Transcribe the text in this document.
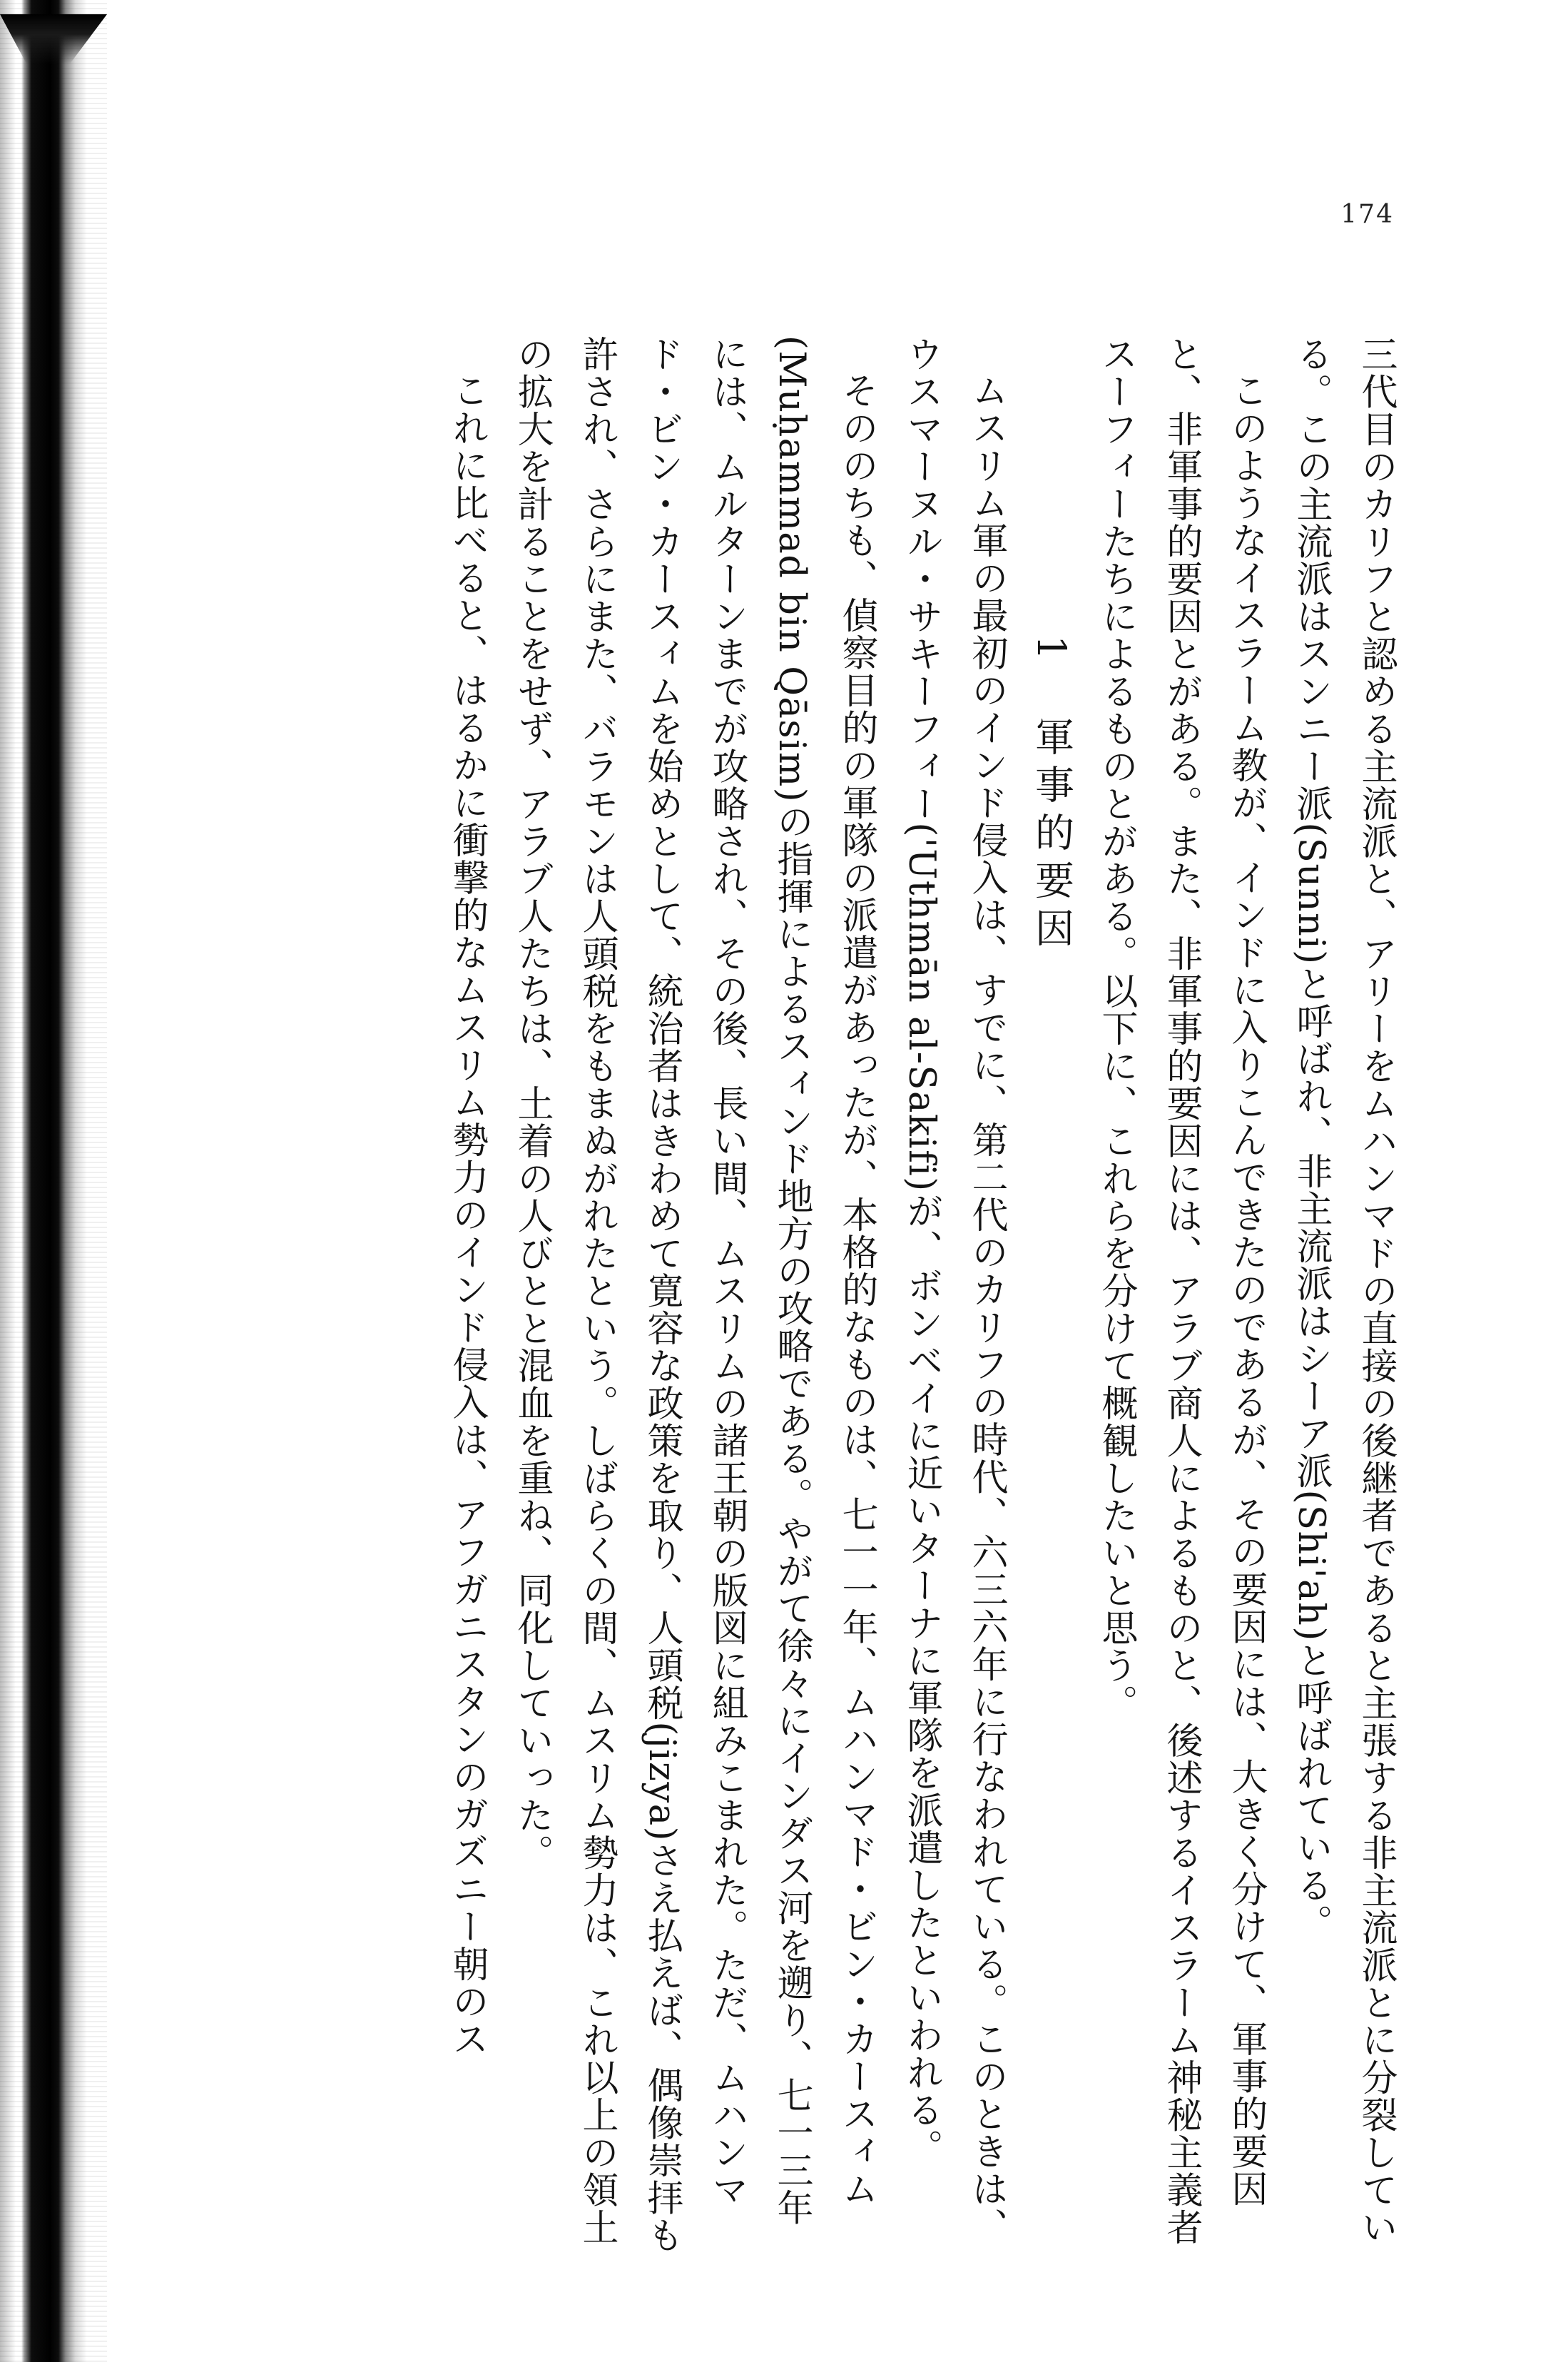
174

三代目のカリフと認める主流派と、アリーをムハンマドの直接の後継者であると主張する非主流派とに分裂している。この主流派はスンニー派(Sunni)と呼ばれ、非主流派はシーア派(Shi'ah)と呼ばれている。

このようなイスラーム教が、インドに入りこんできたのであるが、その要因には、大きく分けて、軍事的要因と、非軍事的要因とがある。また、非軍事的要因には、アラブ商人によるものと、後述するイスラーム神秘主義者スーフィーたちによるものとがある。以下に、これらを分けて概観したいと思う。

1　軍事的要因

ムスリム軍の最初のインド侵入は、すでに、第二代のカリフの時代、六三六年に行なわれている。このときは、ウスマーヌル・サキーフィー('Uthmān al-Sakifi)が、ボンベイに近いターナに軍隊を派遣したといわれる。

そののちも、偵察目的の軍隊の派遣があったが、本格的なものは、七一一年、ムハンマド・ビン・カースィム(Muḥammad bin Qāsim)の指揮によるスィンド地方の攻略である。やがて徐々にインダス河を遡り、七一三年には、ムルターンまでが攻略され、その後、長い間、ムスリムの諸王朝の版図に組みこまれた。ただ、ムハンマド・ビン・カースィムを始めとして、統治者はきわめて寛容な政策を取り、人頭税(jizya)さえ払えば、偶像崇拝も許され、さらにまた、バラモンは人頭税をもまぬがれたという。しばらくの間、ムスリム勢力は、これ以上の領土の拡大を計ることをせず、アラブ人たちは、土着の人びとと混血を重ね、同化していった。

これに比べると、はるかに衝撃的なムスリム勢力のインド侵入は、アフガニスタンのガズニー朝のス
